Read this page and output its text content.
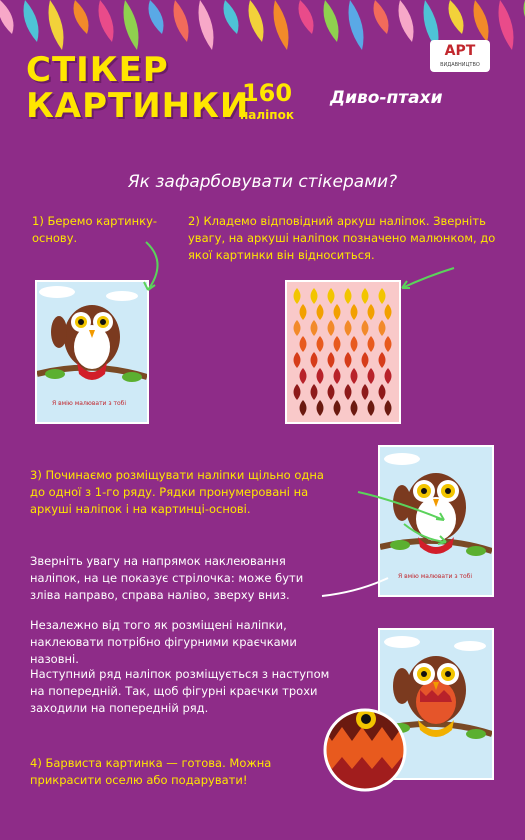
СТІКЕР
КАРТИНКИ
160
наліпок
Диво-птахи
АРТ
ВИДАВНИЦТВО
Як зафарбовувати стікерами?
1) Беремо картинку-основу.
2) Кладемо відповідний аркуш наліпок. Зверніть увагу, на аркуші наліпок позначено малюнком, до якої картинки він відноситься.
Я вмію малювати з тобі
3) Починаємо розміщувати наліпки щільно одна до одної з 1-го ряду. Рядки пронумеровані на аркуші наліпок і на картинці-основі.
Я вмію малювати з тобі
Зверніть увагу на напрямок наклеювання наліпок, на це показує стрілочка: може бути зліва направо, справа наліво, зверху вниз.
Незалежно від того як розміщені наліпки, наклеювати потрібно фігурними краєчками назовні.
Наступний ряд наліпок розміщується з наступом на попередній. Так, щоб фігурні краєчки трохи заходили на попередній ряд.
4) Барвиста картинка — готова. Можна прикрасити оселю або подарувати!
